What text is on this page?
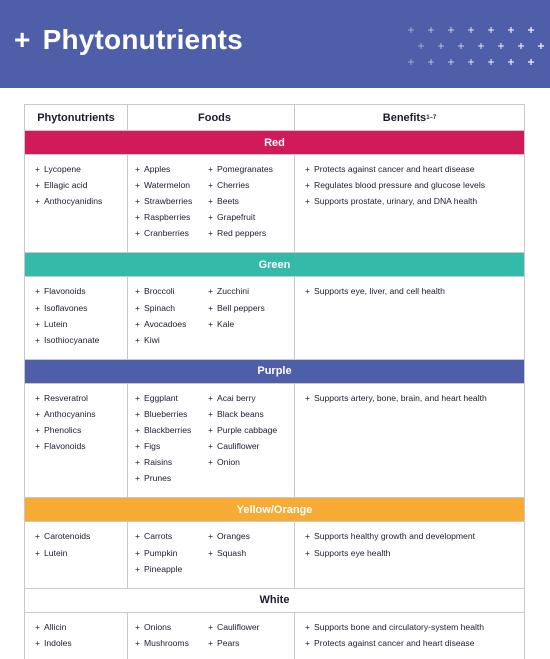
+ Phytonutrients
Phytonutrients	Foods	Benefits 1–7
Red
+ Lycopene
+ Ellagic acid
+ Anthocyanidins
+ Apples
+ Watermelon
+ Strawberries
+ Raspberries
+ Cranberries
+ Pomegranates
+ Cherries
+ Beets
+ Grapefruit
+ Red peppers
+ Protects against cancer and heart disease
+ Regulates blood pressure and glucose levels
+ Supports prostate, urinary, and DNA health
Green
+ Flavonoids
+ Isoflavones
+ Lutein
+ Isothiocyanate
+ Broccoli
+ Spinach
+ Avocadoes
+ Kiwi
+ Zucchini
+ Bell peppers
+ Kale
+ Supports eye, liver, and cell health
Purple
+ Resveratrol
+ Anthocyanins
+ Phenolics
+ Flavonoids
+ Eggplant
+ Blueberries
+ Blackberries
+ Figs
+ Raisins
+ Prunes
+ Acai berry
+ Black beans
+ Purple cabbage
+ Cauliflower
+ Onion
+ Supports artery, bone, brain, and heart health
Yellow/Orange
+ Carotenoids
+ Lutein
+ Carrots
+ Pumpkin
+ Pineapple
+ Oranges
+ Squash
+ Supports healthy growth and development
+ Supports eye health
White
+ Allicin
+ Indoles
+ Onions
+ Mushrooms
+ Cauliflower
+ Pears
+ Supports bone and circulatory-system health
+ Protects against cancer and heart disease
